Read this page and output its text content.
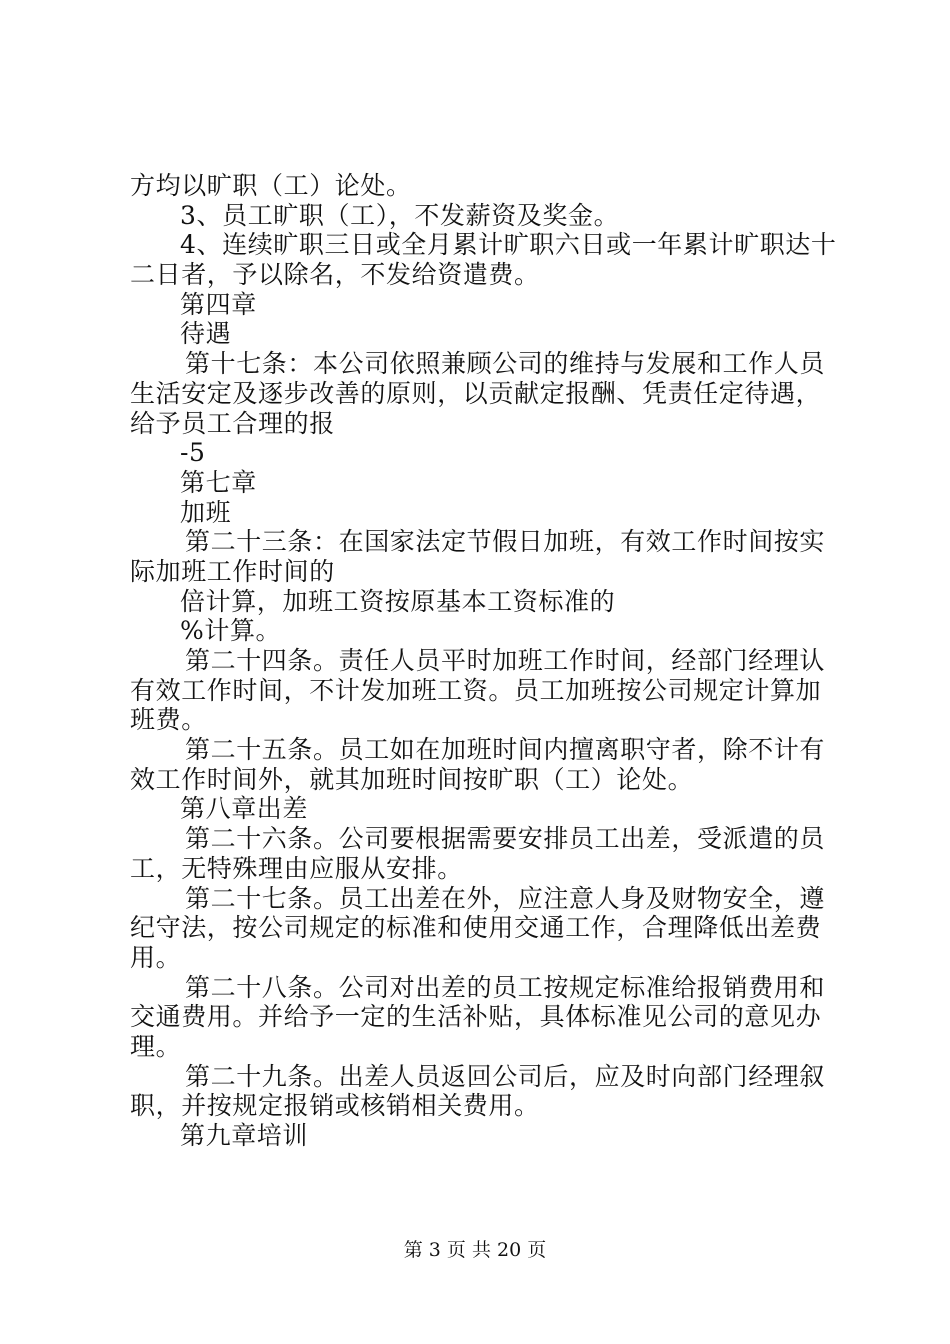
方均以旷职（工）论处。
3、员工旷职（工），不发薪资及奖金。
4、连续旷职三日或全月累计旷职六日或一年累计旷职达十
二日者，予以除名，不发给资遣费。
第四章
待遇
第十七条：本公司依照兼顾公司的维持与发展和工作人员
生活安定及逐步改善的原则，以贡献定报酬、凭责任定待遇，
给予员工合理的报
-5
第七章
加班
第二十三条：在国家法定节假日加班，有效工作时间按实
际加班工作时间的
倍计算，加班工资按原基本工资标准的
%计算。
第二十四条。责任人员平时加班工作时间，经部门经理认
有效工作时间，不计发加班工资。员工加班按公司规定计算加
班费。
第二十五条。员工如在加班时间内擅离职守者，除不计有
效工作时间外，就其加班时间按旷职（工）论处。
第八章出差
第二十六条。公司要根据需要安排员工出差，受派遣的员
工，无特殊理由应服从安排。
第二十七条。员工出差在外，应注意人身及财物安全，遵
纪守法，按公司规定的标准和使用交通工作，合理降低出差费
用。
第二十八条。公司对出差的员工按规定标准给报销费用和
交通费用。并给予一定的生活补贴，具体标准见公司的意见办
理。
第二十九条。出差人员返回公司后，应及时向部门经理叙
职，并按规定报销或核销相关费用。
第九章培训
第 3 页 共 20 页
